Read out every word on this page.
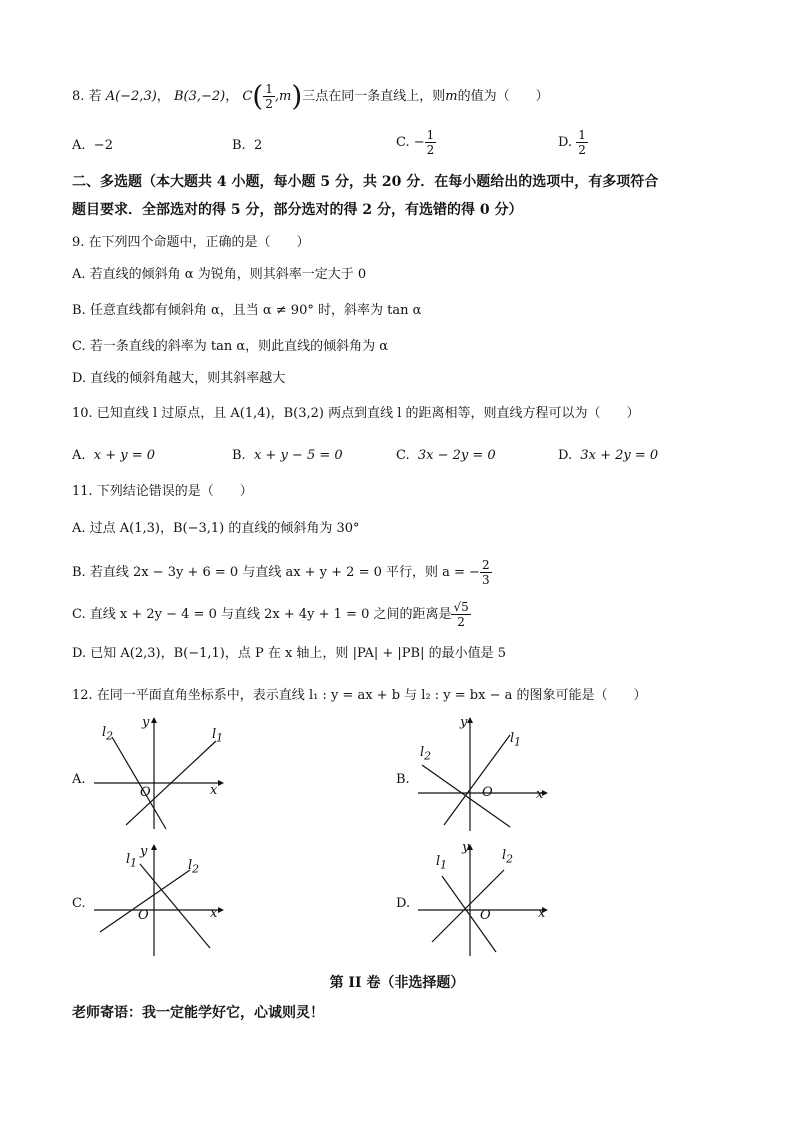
8. 若 A(−2,3)， B(3,−2)， $C( \frac{1}{2} ,m)$三点在同一条直线上，则m的值为（　　）
A. −2	B. 2	C. − $\frac{1}{2}$	D. $\frac{1}{2}$
二、多选题（本大题共 4 小题，每小题 5 分，共 20 分．在每小题给出的选项中，有多项符合
题目要求．全部选对的得 5 分，部分选对的得 2 分，有选错的得 0 分）
9. 在下列四个命题中，正确的是（　　）
A. 若直线的倾斜角 α 为锐角，则其斜率一定大于 0
B. 任意直线都有倾斜角 α，且当 α ≠ 90° 时，斜率为 tan α
C. 若一条直线的斜率为 tan α，则此直线的倾斜角为 α
D. 直线的倾斜角越大，则其斜率越大
10. 已知直线 l 过原点，且 A(1,4)，B(3,2) 两点到直线 l 的距离相等，则直线方程可以为（　　）
A. x + y = 0	B. x + y − 5 = 0	C. 3x − 2y = 0	D. 3x + 2y = 0
11. 下列结论错误的是（　　）
A. 过点 A(1,3)，B(−3,1) 的直线的倾斜角为 30°
B. 若直线 2x − 3y + 6 = 0 与直线 ax + y + 2 = 0 平行，则 a = − $\frac{2}{3}$
C. 直线 x + 2y − 4 = 0 与直线 2x + 4y + 1 = 0 之间的距离是 $\frac{√5}{2}$
D. 已知 A(2,3)，B(−1,1)，点 P 在 x 轴上，则 |PA| + |PB| 的最小值是 5
12. 在同一平面直角坐标系中，表示直线 l₁ : y = ax + b 与 l₂ : y = bx − a 的图象可能是（　　）
A.
$l_2$	$l_1$
y
x
O
B.
$l_2$
$l_1$
y
x
O
C.
$l_1$	$l_2$
y
x
O
D.
$l_1$
$l_2$
y
x
O
第 II 卷（非选择题）
老师寄语：我一定能学好它，心诚则灵！
